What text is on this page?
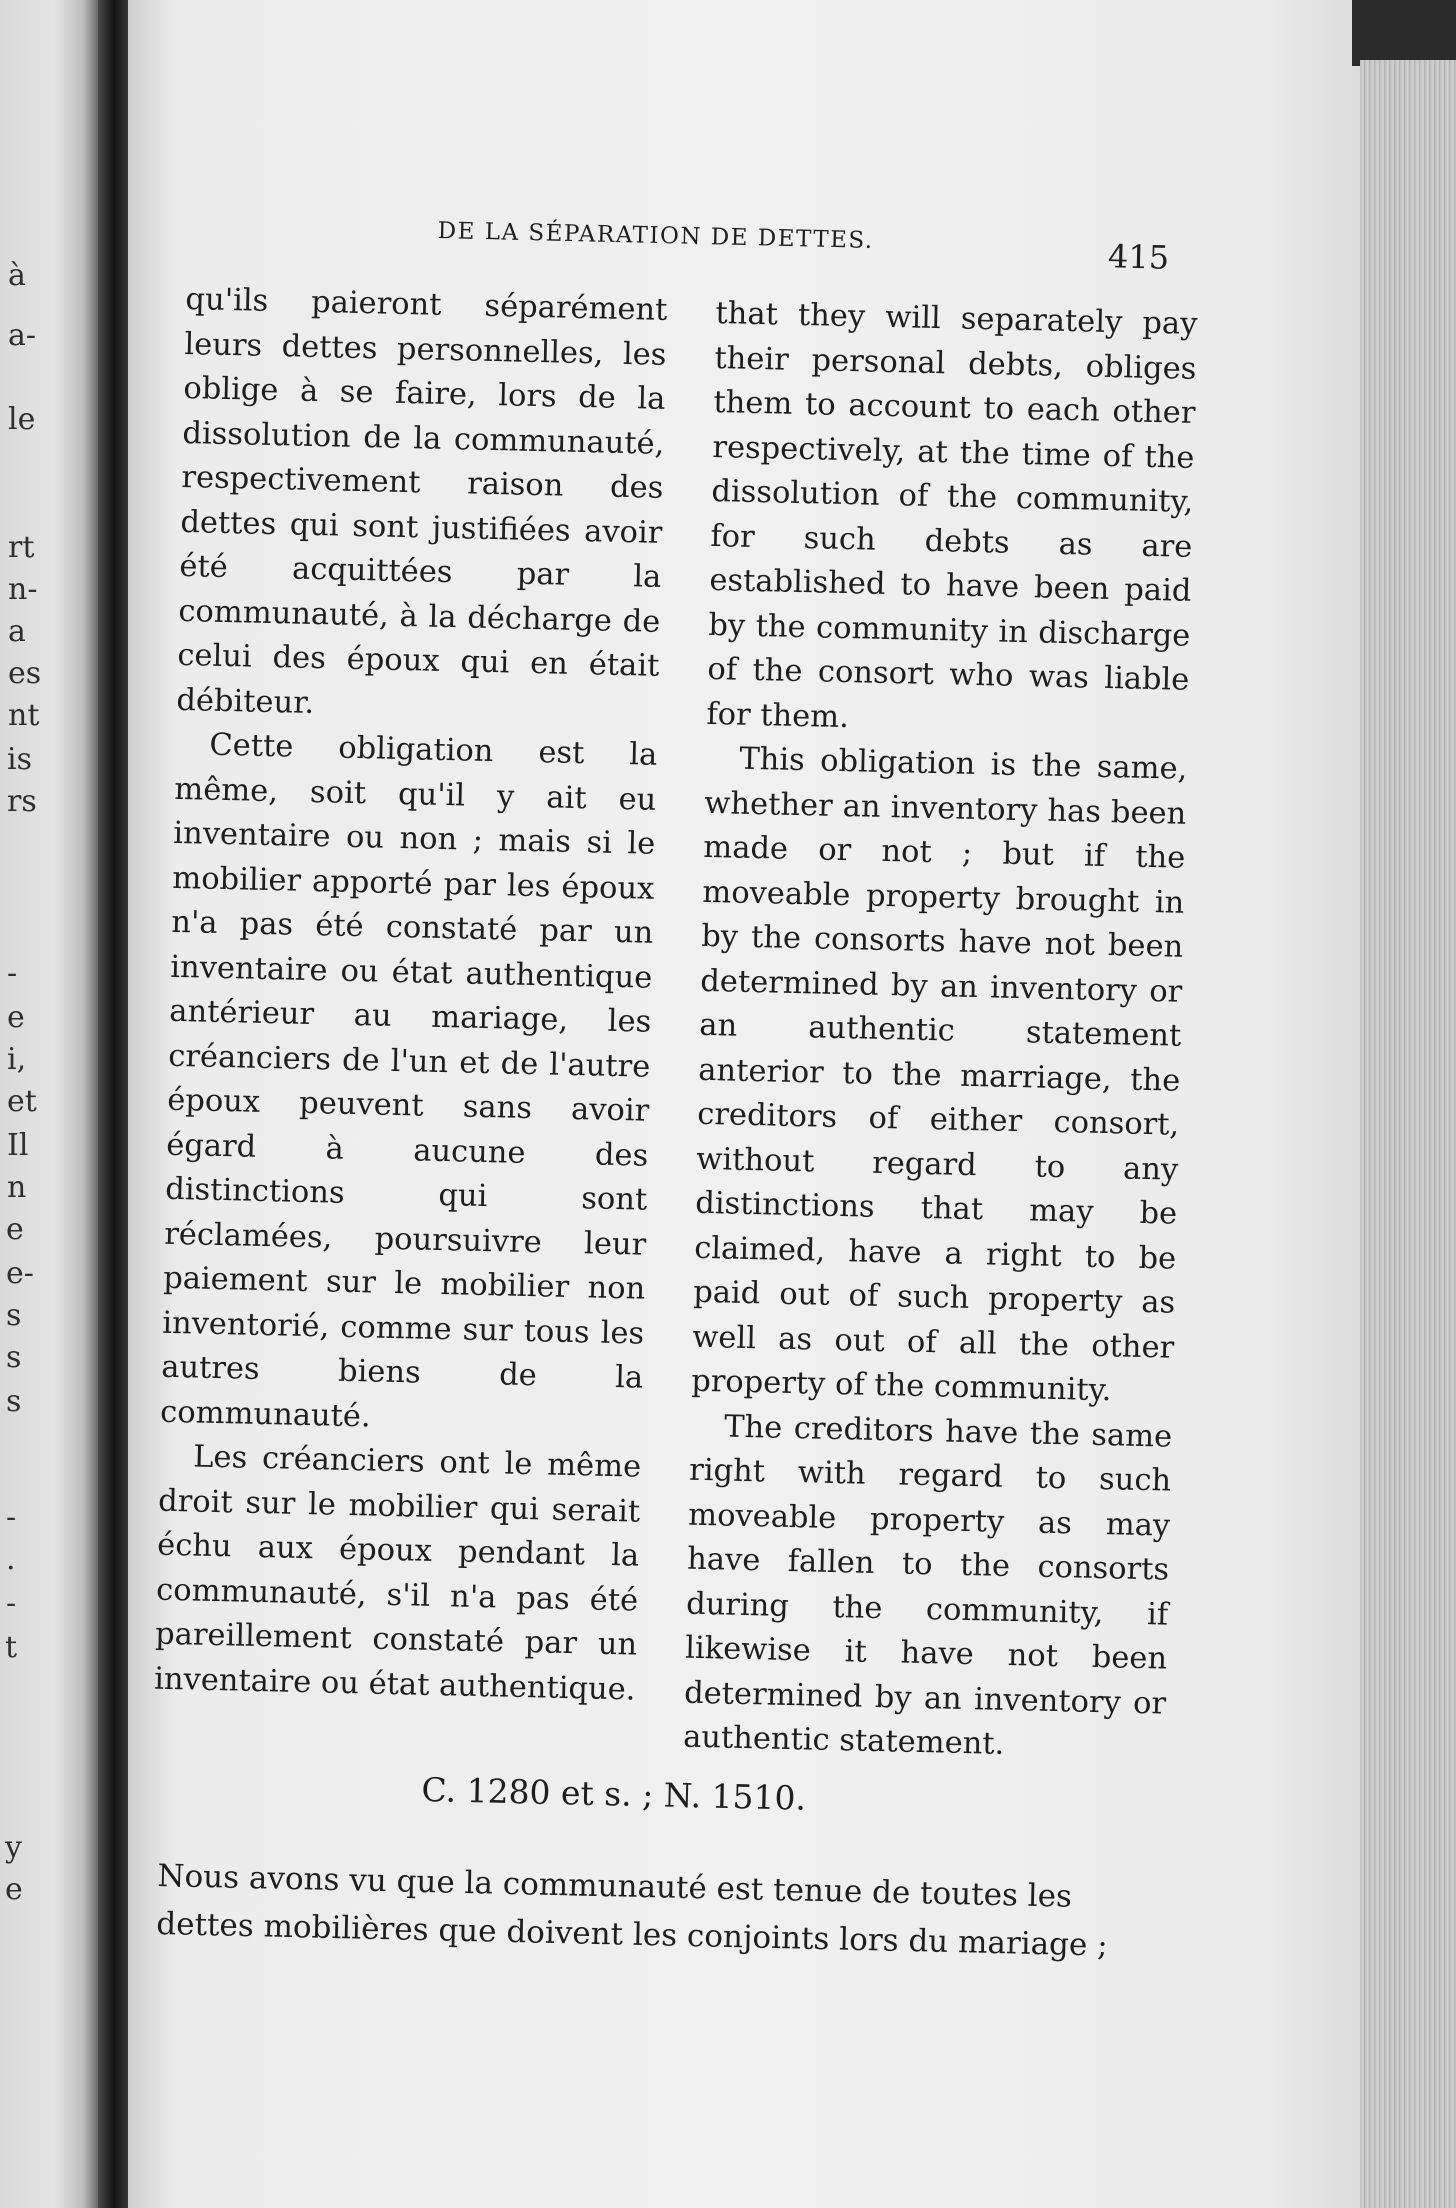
à
a-
le
rt
n-
a
es
nt
is
rs
-
e
i,
et
Il
n
e
e-
s
s
s
-
.
-
t
y
e
DE LA SÉPARATION DE DETTES.
415

qu'ils paieront séparément leurs dettes personnelles, les oblige à se faire, lors de la dissolution de la communauté, respectivement raison des dettes qui sont justifiées avoir été acquittées par la communauté, à la décharge de celui des époux qui en était débiteur.

Cette obligation est la même, soit qu'il y ait eu inventaire ou non ; mais si le mobilier apporté par les époux n'a pas été constaté par un inventaire ou état authentique antérieur au mariage, les créanciers de l'un et de l'autre époux peuvent sans avoir égard à aucune des distinctions qui sont réclamées, poursuivre leur paiement sur le mobilier non inventorié, comme sur tous les autres biens de la communauté.

Les créanciers ont le même droit sur le mobilier qui serait échu aux époux pendant la communauté, s'il n'a pas été pareillement constaté par un inventaire ou état authentique.

that they will separately pay their personal debts, obliges them to account to each other respectively, at the time of the dissolution of the community, for such debts as are established to have been paid by the community in discharge of the consort who was liable for them.

This obligation is the same, whether an inventory has been made or not ; but if the moveable property brought in by the consorts have not been determined by an inventory or an authentic statement anterior to the marriage, the creditors of either consort, without regard to any distinctions that may be claimed, have a right to be paid out of such property as well as out of all the other property of the community.

The creditors have the same right with regard to such moveable property as may have fallen to the consorts during the community, if likewise it have not been determined by an inventory or authentic statement.

C. 1280 et s. ; N. 1510.
Nous avons vu que la communauté est tenue de toutes les
dettes mobilières que doivent les conjoints lors du mariage ;
